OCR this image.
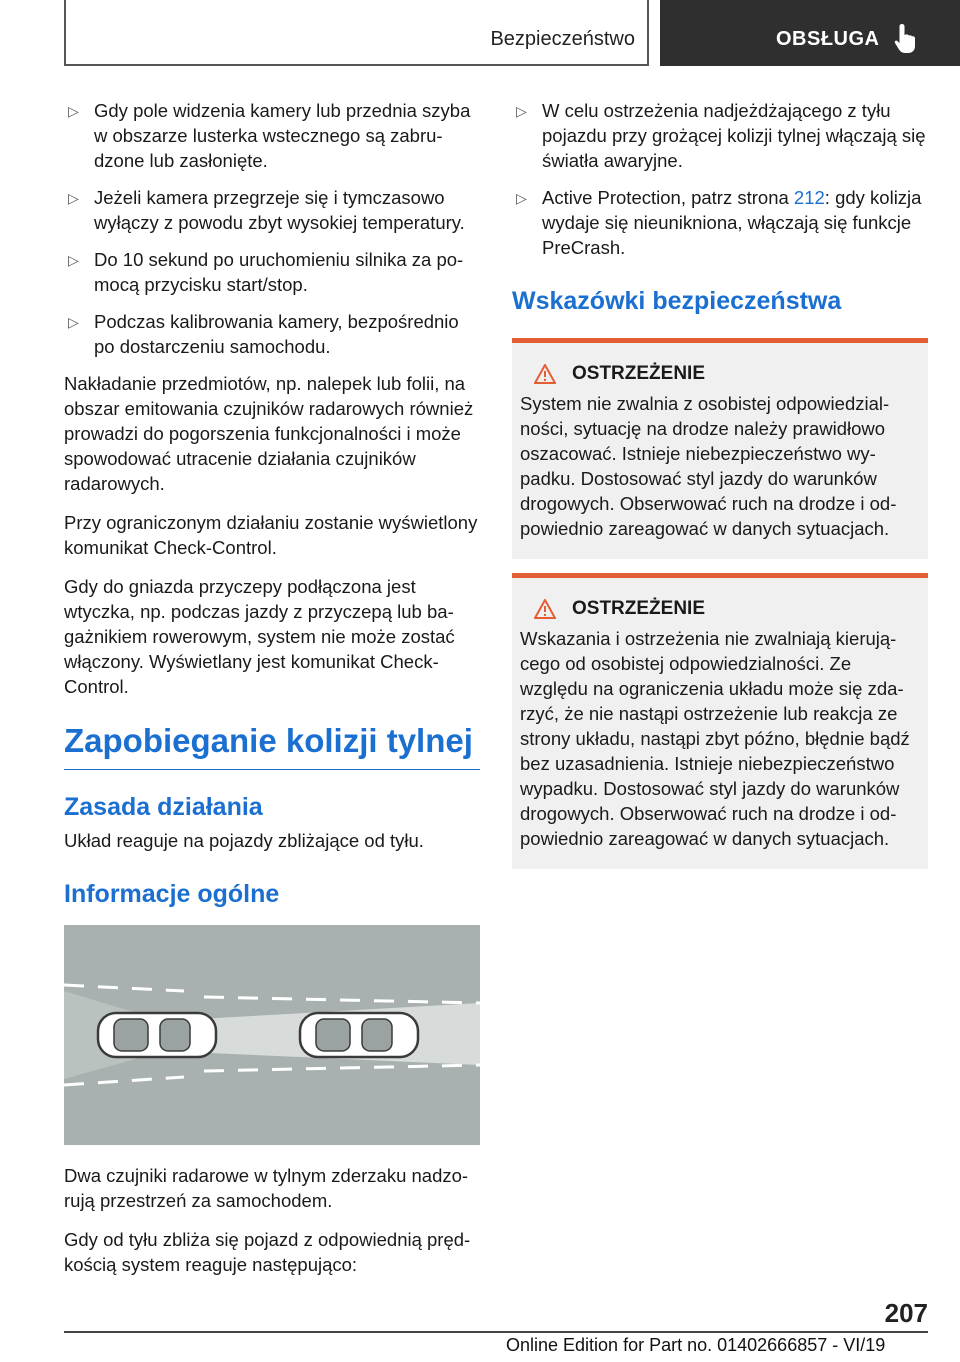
Bezpieczeństwo	OBSŁUGA
▷ Gdy pole widzenia kamery lub przednia szyba w obszarze lusterka wstecznego są zabrudzone lub zasłonięte.
▷ Jeżeli kamera przegrzeje się i tymczasowo wyłączy z powodu zbyt wysokiej temperatury.
▷ Do 10 sekund po uruchomieniu silnika za pomocą przycisku start/stop.
▷ Podczas kalibrowania kamery, bezpośrednio po dostarczeniu samochodu.

Nakładanie przedmiotów, np. nalepek lub folii, na obszar emitowania czujników radarowych również prowadzi do pogorszenia funkcjonalności i może spowodować utracenie działania czujników radarowych.

Przy ograniczonym działaniu zostanie wyświetlony komunikat Check-Control.

Gdy do gniazda przyczepy podłączona jest wtyczka, np. podczas jazdy z przyczepą lub bagażnikiem rowerowym, system nie może zostać włączony. Wyświetlany jest komunikat Check-Control.

Zapobieganie kolizji tylnej
Zasada działania

Układ reaguje na pojazdy zbliżające od tyłu.

Informacje ogólne

Dwa czujniki radarowe w tylnym zderzaku nadzorują przestrzeń za samochodem.

Gdy od tyłu zbliża się pojazd z odpowiednią prędkością system reaguje następująco:

▷ W celu ostrzeżenia nadjeżdżającego z tyłu pojazdu przy grożącej kolizji tylnej włączają się światła awaryjne.
▷ Active Protection, patrz strona 212: gdy kolizja wydaje się nieunikniona, włączają się funkcje PreCrash.
Wskazówki bezpieczeństwa
OSTRZEŻENIE

System nie zwalnia z osobistej odpowiedzialności, sytuację na drodze należy prawidłowo oszacować. Istnieje niebezpieczeństwo wypadku. Dostosować styl jazdy do warunków drogowych. Obserwować ruch na drodze i odpowiednio zareagować w danych sytuacjach.

OSTRZEŻENIE

Wskazania i ostrzeżenia nie zwalniają kierującego od osobistej odpowiedzialności. Ze względu na ograniczenia układu może się zdarzyć, że nie nastąpi ostrzeżenie lub reakcja ze strony układu, nastąpi zbyt późno, błędnie bądź bez uzasadnienia. Istnieje niebezpieczeństwo wypadku. Dostosować styl jazdy do warunków drogowych. Obserwować ruch na drodze i odpowiednio zareagować w danych sytuacjach.

207
Online Edition for Part no. 01402666857 - VI/19
